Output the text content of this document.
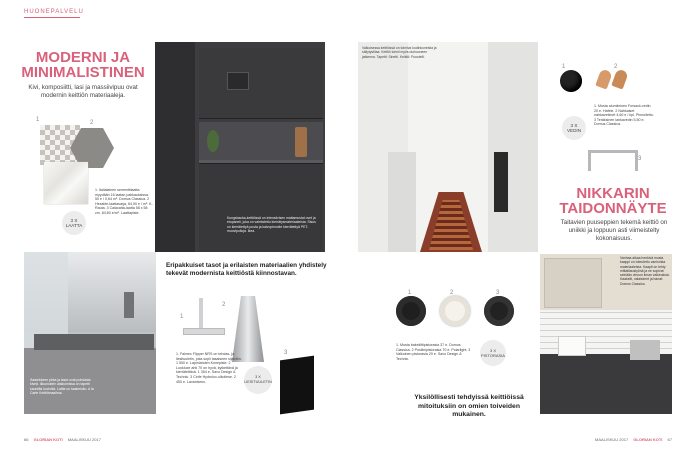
HUONEPALVELU
MODERNI JA
MINIMALISTINEN
Kivi, komposiitti, lasi ja massiivipuu ovat modernin keittiön materiaaleja.
1	2
3 X
LAATTA
1. Italialainen sementtilaatta myydään 16 laatan pakkauksissa. 50 e / 0,64 m². Domus Classica. 2 Hexable-laattasarja, 64,90 e / m². K-Rauta. 3 Calacatta-laatta 58 x 58 cm, 84,60 e/m². Laattapiste.
Kungsbacka-keittiössä on intensiivisen mattamustat ovet ja etupaneli, joka on valmistettu kierrätysmateriaaleista. Sisus on kierrätettyä puuta ja kalvopinnoite kierrätettyä PET-muovipulloja. Ikea.
Saarekkeen pinta ja tasot ovat puhdasta kiveä. Ikkunoiden alakulmissa on tapetti kauniilla kuvioilla. Lattia on kaakeloitu. A la Carte Keittiömaailma.
Eripakkuiset tasot ja erilaisten materiaalien yhdistely tekevät modernista keittiöstä kiinnostavan.
1
2
3
3 X
LIESITUULETIN
1. Falmec Flipper NRS on tehdas- ja liesituuletin, joka sopii tasaiseen sijaintiin. 1 550 e. Lapinlahden Konepiste. 2 Lookluxe ahti 70 on hyvä, kytkettävä ja kierrätettävä. 1 354 e. Savo Design & Technic. 3 Cinfe Hydrolux-ulkoliese. 2 450 e. Lavantamo.
66 GLORIAN KOTI MAALISKUU 2017
Valkoisessa keittiössä on toimiva kodinkoneista ja säilytystilaa. Keittiö toimii myös olohuoneen jatkeena. Tapetti: Sinetti. Keittiö: Puustelli.
1	2
3
3 X
VEDIN
1. Musta alumiininen Forsack-vedin 20 e. Hafele. 2 Nahkaiset nahkavetimet 4,60 e / kpl. Pinnoitettu. 3 Teräksinen lankavedin 5,50 e. Domus Classica.
NIKKARIN
TAIDONNÄYTE
Taitavien puuseppien tekemä keittiö on uniikki ja loppuun asti viimeistelty kokonaisuus.
1	2	3
3 X
PISTORASIA
1. Musta bakeliittipistorasia 37 e. Domus Classica. 2 Posliinipistorasia 70 e. Polarlight. 3 Valkoinen pistorasia 29 e. Savo Design & Technic.
Yksilöllisesti tehdyissä keittiöissä mitoituksiin on omien toiveiden mukainen.
Vanhaa aikaa henkivä musta kaappi on toteutettu vanhoista materiaaleista. Kaapit on tehty mittatilaustyönä ja ne sopivat seinään vinoon ilman vaikeuksia. Kaakelit, valaisimet ja hanat: Domus Classica.
MAALISKUU 2017 GLORIAN KOTI 67
